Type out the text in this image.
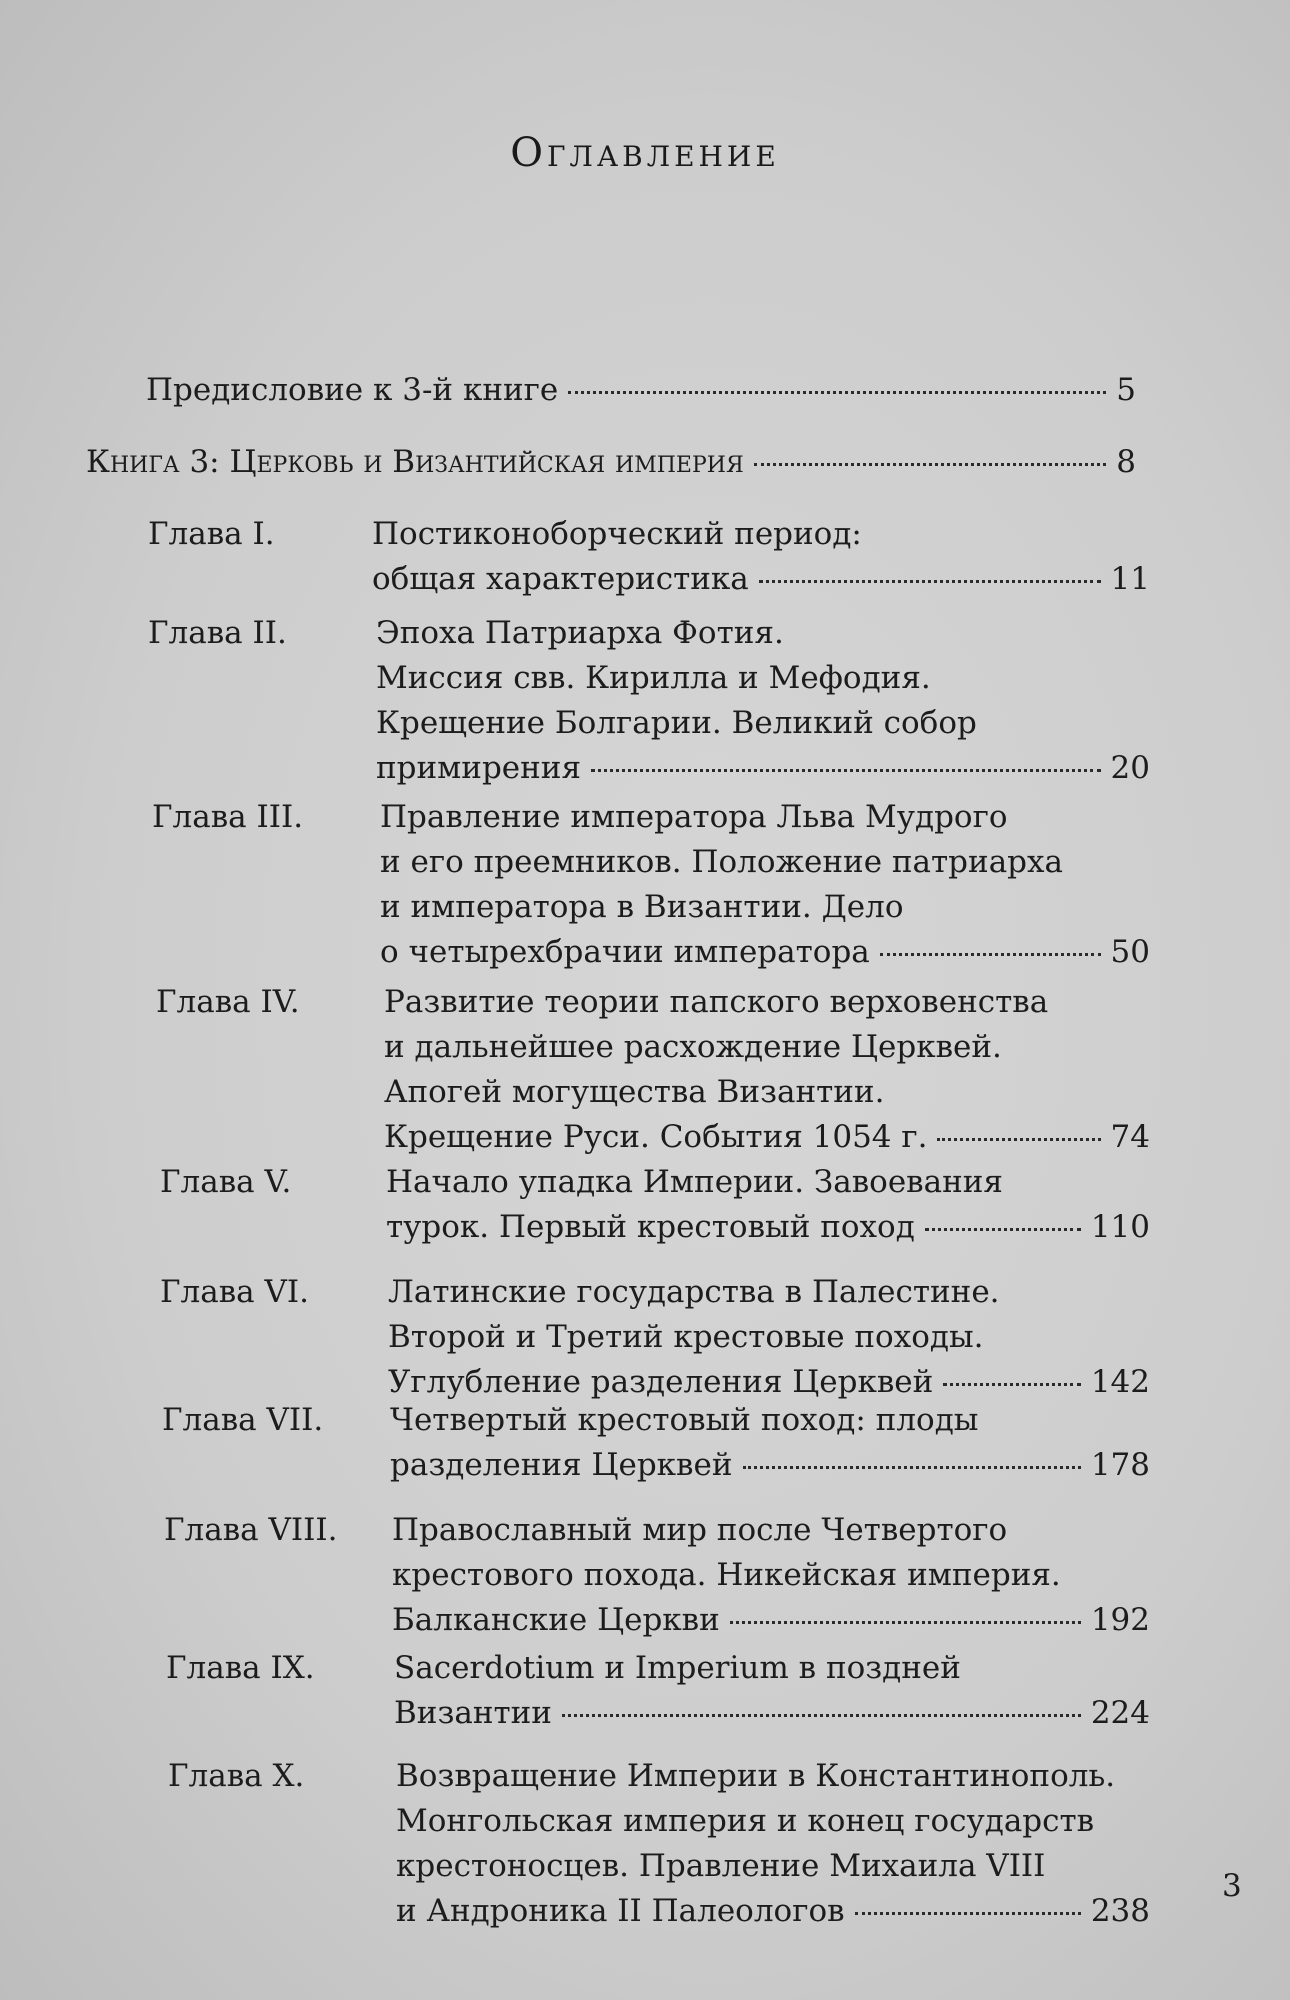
Оглавление
Предисловие к 3-й книге	5
Книга 3: Церковь и Византийская империя	8
Глава I.	Постиконоборческий период:
общая характеристика	11
Глава II.	Эпоха Патриарха Фотия.
Миссия свв. Кирилла и Мефодия.
Крещение Болгарии. Великий собор
примирения	20
Глава III. Правление императора Льва Мудрого
и его преемников. Положение патриарха
и императора в Византии. Дело
о четырехбрачии императора	50
Глава IV.	Развитие теории папского верховенства
и дальнейшее расхождение Церквей.
Апогей могущества Византии.
Крещение Руси. События 1054 г.	74
Глава V.	Начало упадка Империи. Завоевания
турок. Первый крестовый поход	110
Глава VI.	Латинские государства в Палестине.
Второй и Третий крестовые походы.
Углубление разделения Церквей	142
Глава VII. Четвертый крестовый поход: плоды
разделения Церквей	178
Глава VIII. Православный мир после Четвертого
крестового похода. Никейская империя.
Балканские Церкви	192
Глава IX.	Sacerdotium и Imperium в поздней
Византии	224
Глава X.	Возвращение Империи в Константинополь.
Монгольская империя и конец государств
крестоносцев. Правление Михаила VIII
и Андроника II Палеологов	238
3
